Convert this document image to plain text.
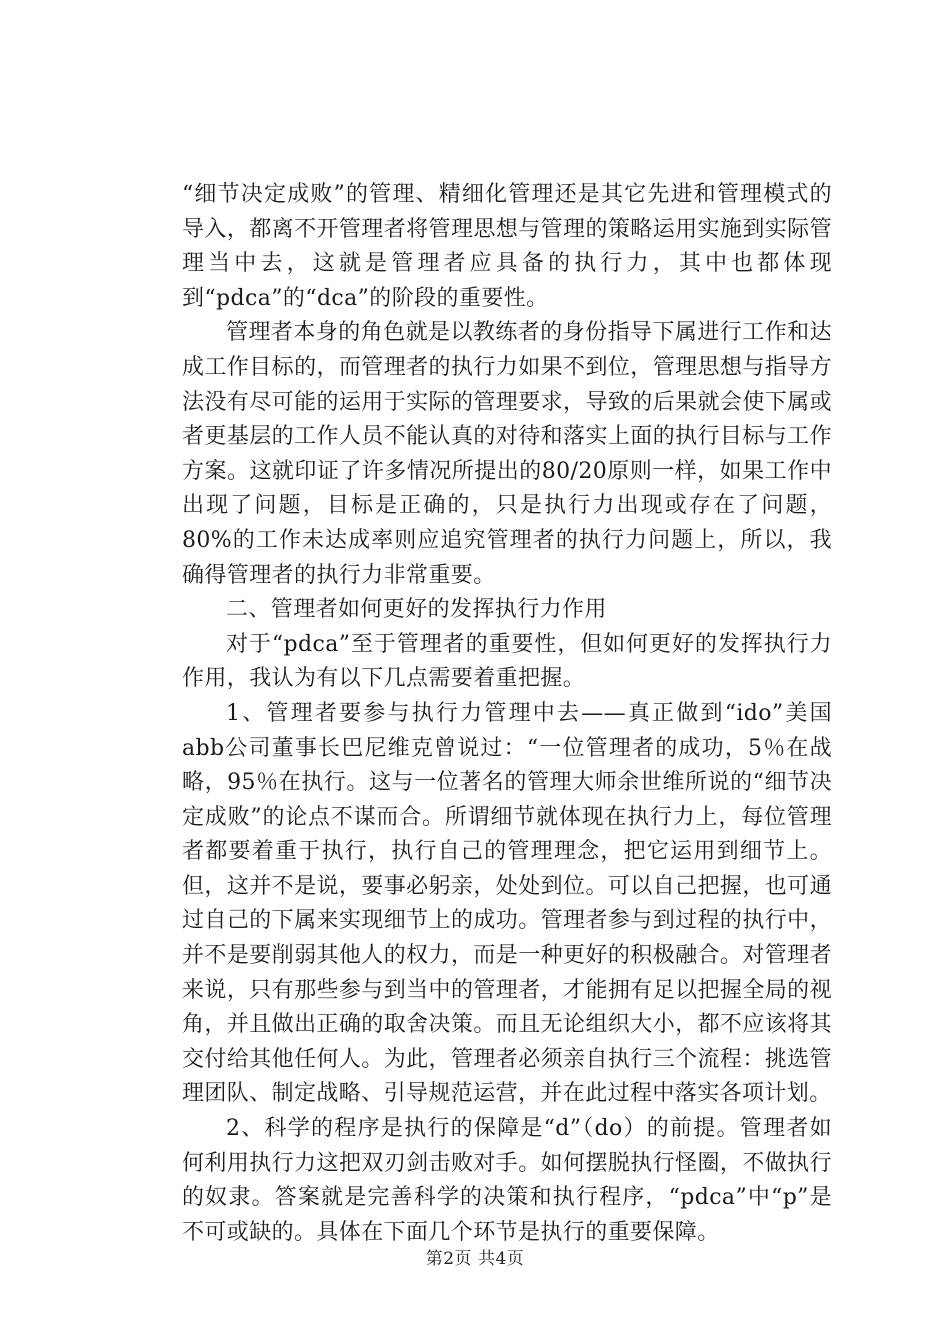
“细节决定成败”的管理、精细化管理还是其它先进和管理模式的导入，都离不开管理者将管理思想与管理的策略运用实施到实际管理当中去，这就是管理者应具备的执行力，其中也都体现到“pdca”的“dca”的阶段的重要性。

管理者本身的角色就是以教练者的身份指导下属进行工作和达成工作目标的，而管理者的执行力如果不到位，管理思想与指导方法没有尽可能的运用于实际的管理要求，导致的后果就会使下属或者更基层的工作人员不能认真的对待和落实上面的执行目标与工作方案。这就印证了许多情况所提出的80/20原则一样，如果工作中出现了问题，目标是正确的，只是执行力出现或存在了问题，80%的工作未达成率则应追究管理者的执行力问题上，所以，我确得管理者的执行力非常重要。

二、管理者如何更好的发挥执行力作用

对于“pdca”至于管理者的重要性，但如何更好的发挥执行力作用，我认为有以下几点需要着重把握。

1、管理者要参与执行力管理中去——真正做到“ido”美国abb公司董事长巴尼维克曾说过：“一位管理者的成功，5％在战略，95％在执行。这与一位著名的管理大师余世维所说的“细节决定成败”的论点不谋而合。所谓细节就体现在执行力上，每位管理者都要着重于执行，执行自己的管理理念，把它运用到细节上。但，这并不是说，要事必躬亲，处处到位。可以自己把握，也可通过自己的下属来实现细节上的成功。管理者参与到过程的执行中，并不是要削弱其他人的权力，而是一种更好的积极融合。对管理者来说，只有那些参与到当中的管理者，才能拥有足以把握全局的视角，并且做出正确的取舍决策。而且无论组织大小，都不应该将其交付给其他任何人。为此，管理者必须亲自执行三个流程：挑选管理团队、制定战略、引导规范运营，并在此过程中落实各项计划。

2、科学的程序是执行的保障是“d”（do）的前提。管理者如何利用执行力这把双刃剑击败对手。如何摆脱执行怪圈，不做执行的奴隶。答案就是完善科学的决策和执行程序，“pdca”中“p”是不可或缺的。具体在下面几个环节是执行的重要保障。

第2页 共4页
